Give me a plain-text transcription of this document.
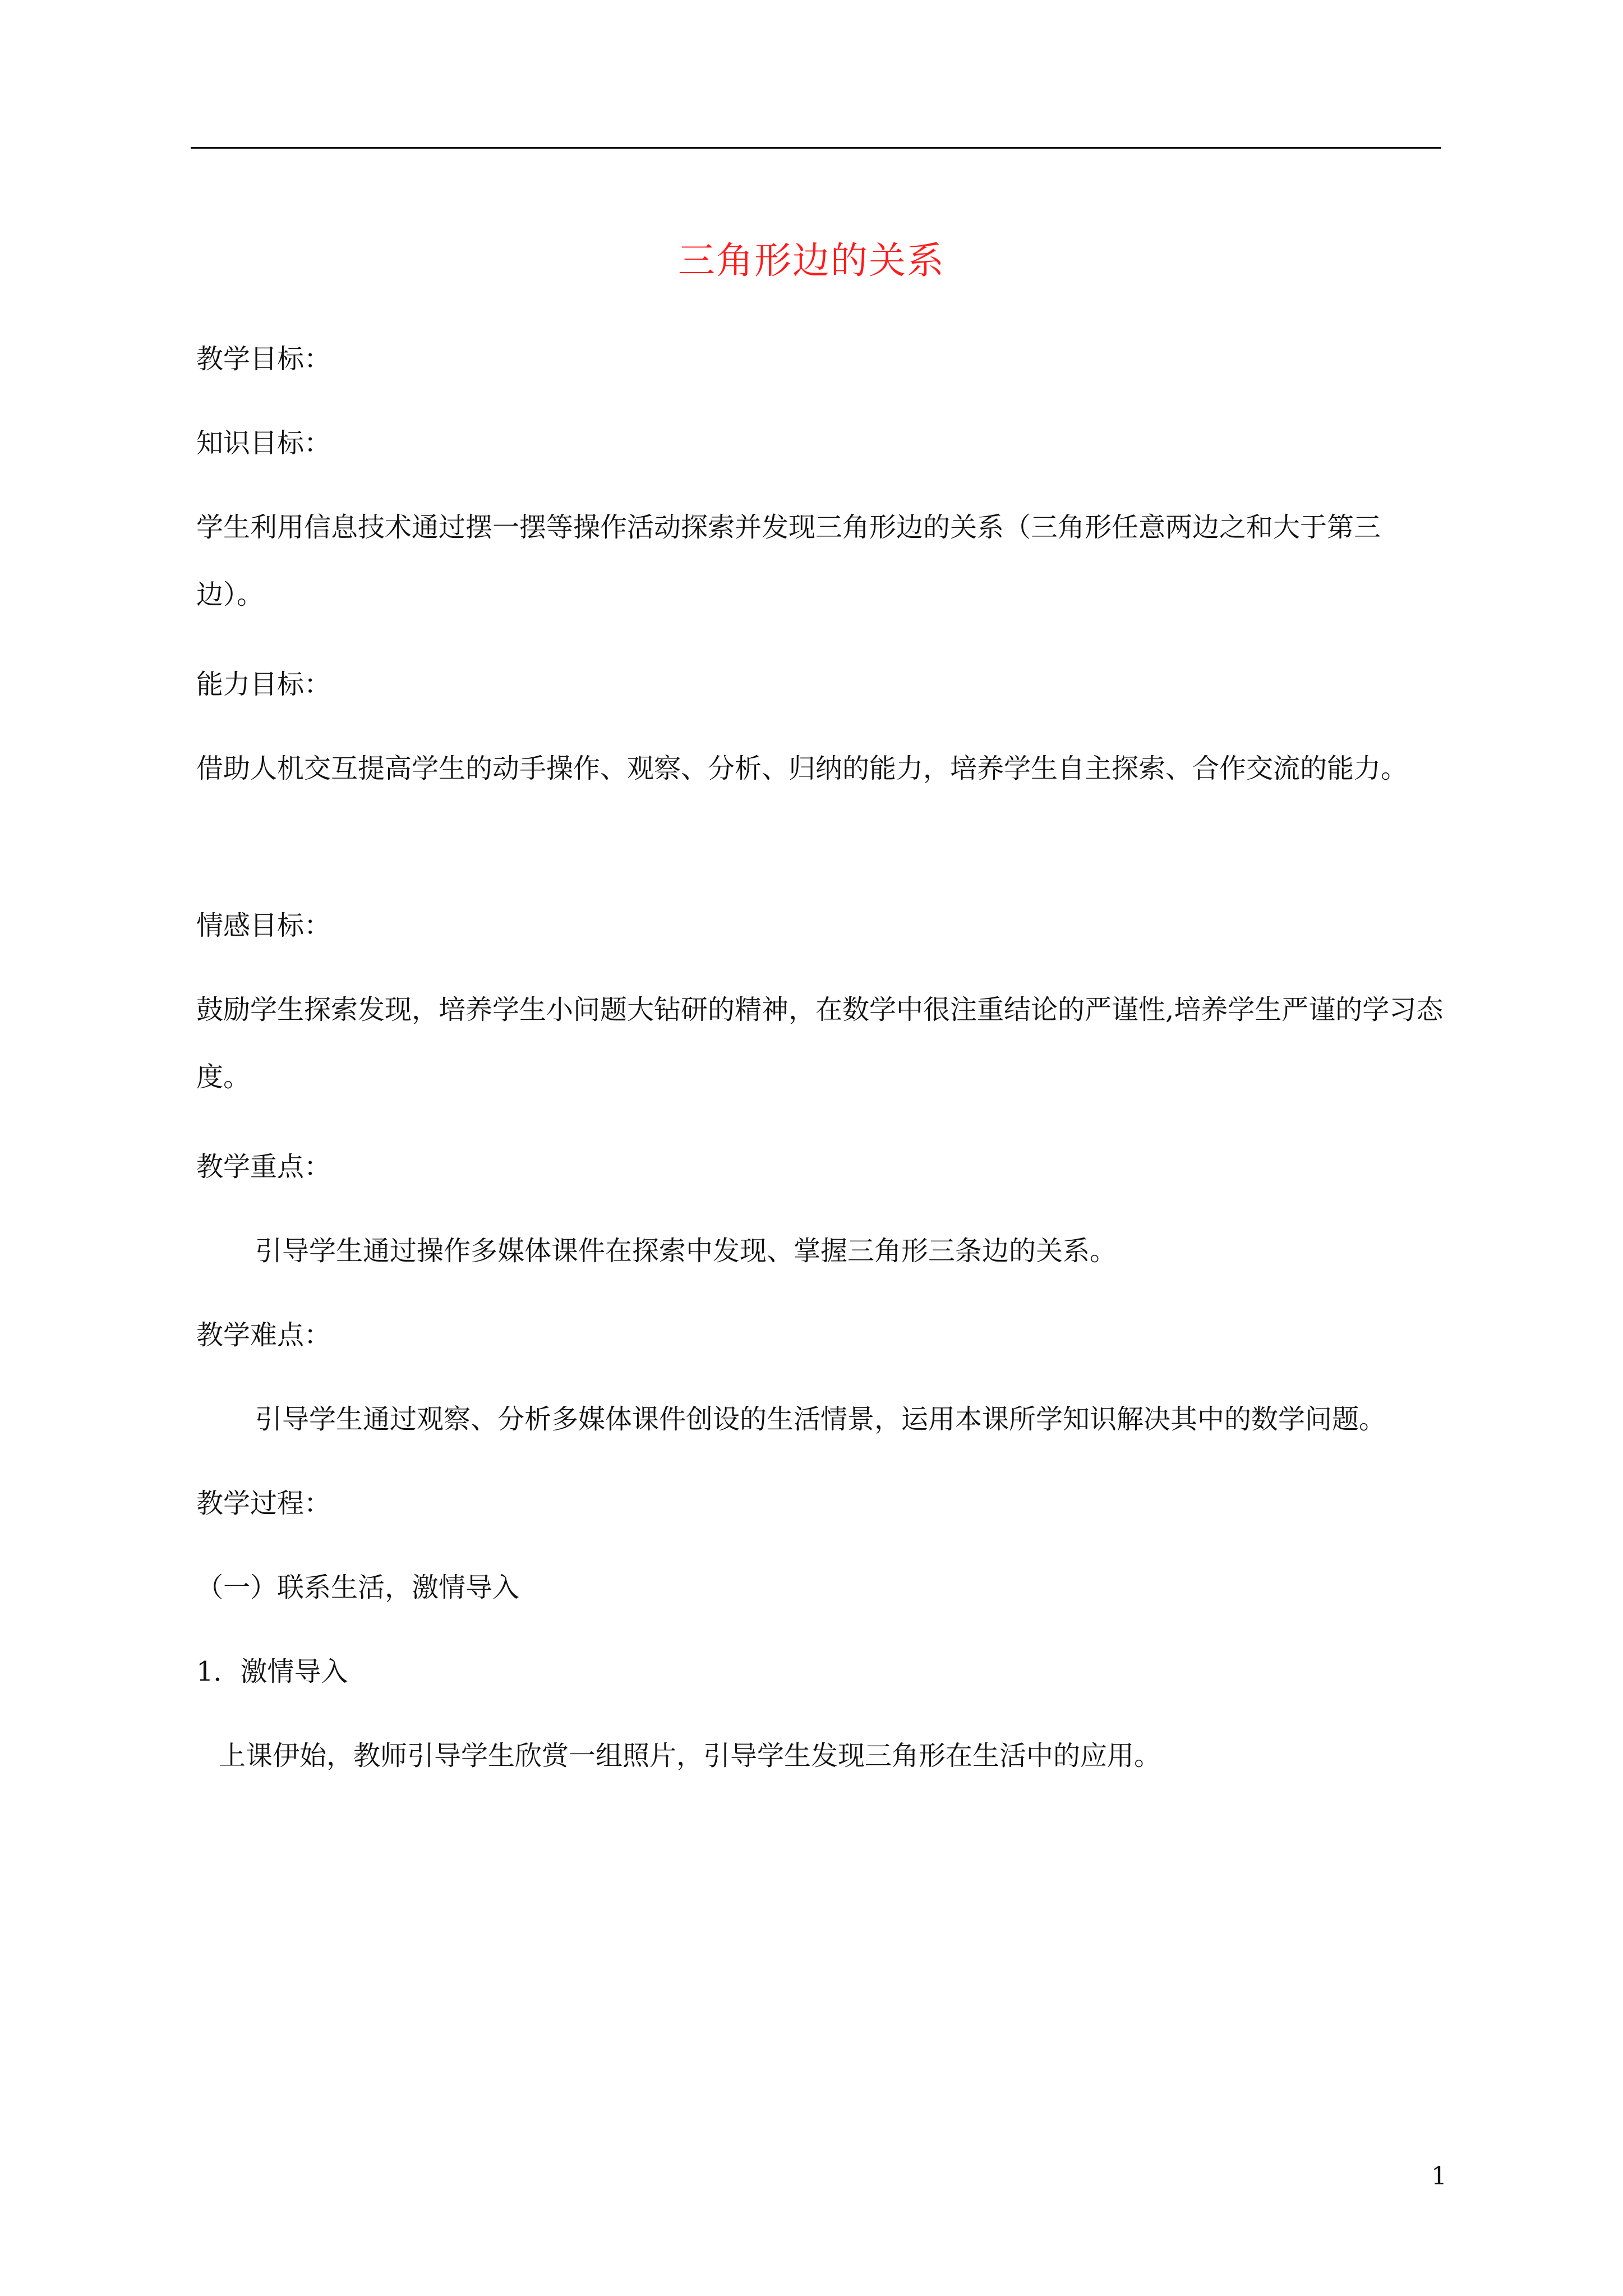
三角形边的关系
教学目标：
知识目标：
学生利用信息技术通过摆一摆等操作活动探索并发现三角形边的关系（三角形任意两边之和大于第三边）。
能力目标：
借助人机交互提高学生的动手操作、观察、分析、归纳的能力，培养学生自主探索、合作交流的能力。
情感目标：
鼓励学生探索发现，培养学生小问题大钻研的精神，在数学中很注重结论的严谨性,培养学生严谨的学习态度。
教学重点：
引导学生通过操作多媒体课件在探索中发现、掌握三角形三条边的关系。
教学难点：
引导学生通过观察、分析多媒体课件创设的生活情景，运用本课所学知识解决其中的数学问题。
教学过程：
（一）联系生活，激情导入
1．激情导入
上课伊始，教师引导学生欣赏一组照片，引导学生发现三角形在生活中的应用。
1
